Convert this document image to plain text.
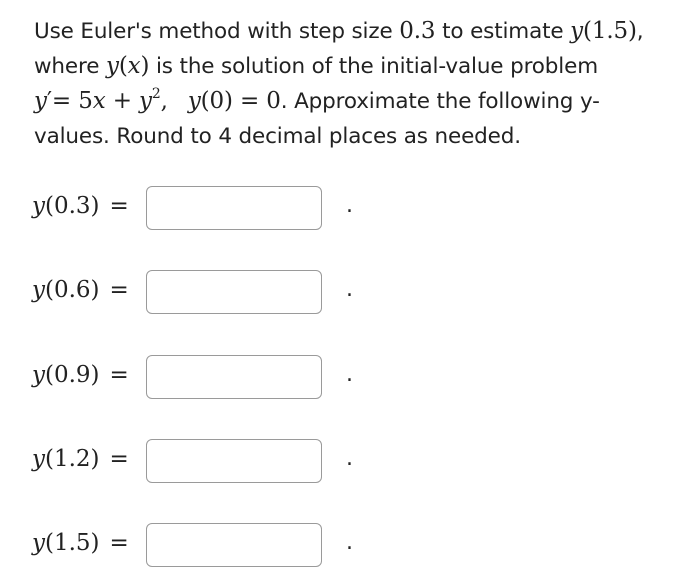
Use Euler's method with step size 0.3 to estimate y(1.5),
where y(x) is the solution of the initial-value problem
$y'= 5x + y^2$, y(0) = 0. Approximate the following y-
values. Round to 4 decimal places as needed.
y(0.3) =	.
y(0.6) =	.
y(0.9) =	.
y(1.2) =	.
y(1.5) =	.
